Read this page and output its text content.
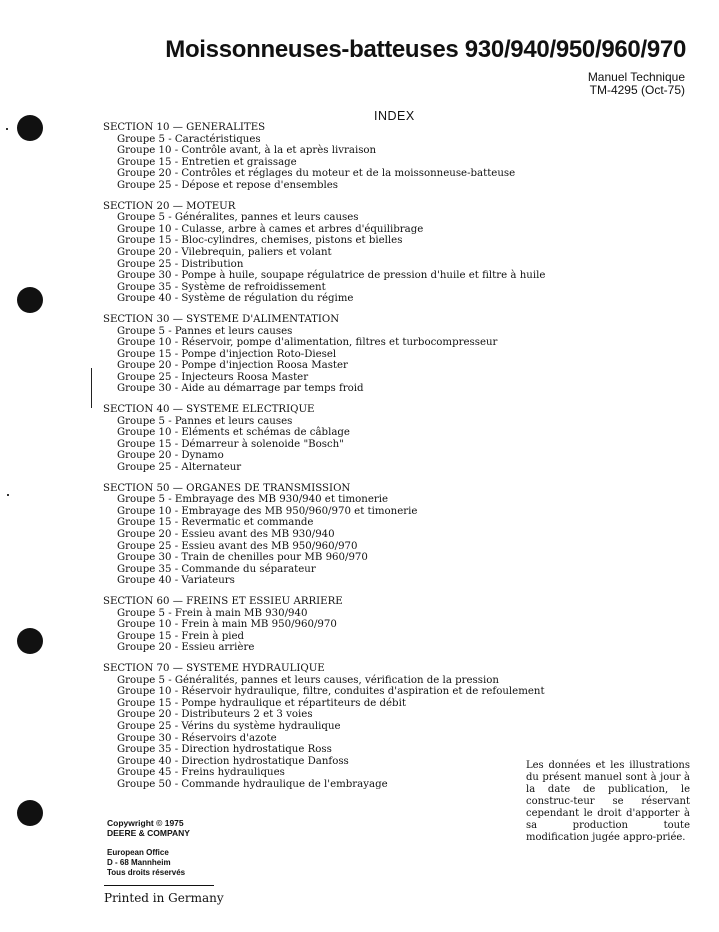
Moissonneuses-batteuses 930/940/950/960/970
Manuel Technique
TM-4295 (Oct-75)
INDEX
SECTION 10 — GENERALITES
Groupe 5 - Caractéristiques
Groupe 10 - Contrôle avant, à la et après livraison
Groupe 15 - Entretien et graissage
Groupe 20 - Contrôles et réglages du moteur et de la moissonneuse-batteuse
Groupe 25 - Dépose et repose d'ensembles
SECTION 20 — MOTEUR
Groupe 5 - Généralites, pannes et leurs causes
Groupe 10 - Culasse, arbre à cames et arbres d'équilibrage
Groupe 15 - Bloc-cylindres, chemises, pistons et bielles
Groupe 20 - Vilebrequin, paliers et volant
Groupe 25 - Distribution
Groupe 30 - Pompe à huile, soupape régulatrice de pression d'huile et filtre à huile
Groupe 35 - Système de refroidissement
Groupe 40 - Système de régulation du régime
SECTION 30 — SYSTEME D'ALIMENTATION
Groupe 5 - Pannes et leurs causes
Groupe 10 - Réservoir, pompe d'alimentation, filtres et turbocompresseur
Groupe 15 - Pompe d'injection Roto-Diesel
Groupe 20 - Pompe d'injection Roosa Master
Groupe 25 - Injecteurs Roosa Master
Groupe 30 - Aide au démarrage par temps froid
SECTION 40 — SYSTEME ELECTRIQUE
Groupe 5 - Pannes et leurs causes
Groupe 10 - Eléments et schémas de câblage
Groupe 15 - Démarreur à solenoide "Bosch"
Groupe 20 - Dynamo
Groupe 25 - Alternateur
SECTION 50 — ORGANES DE TRANSMISSION
Groupe 5 - Embrayage des MB 930/940 et timonerie
Groupe 10 - Embrayage des MB 950/960/970 et timonerie
Groupe 15 - Revermatic et commande
Groupe 20 - Essieu avant des MB 930/940
Groupe 25 - Essieu avant des MB 950/960/970
Groupe 30 - Train de chenilles pour MB 960/970
Groupe 35 - Commande du séparateur
Groupe 40 - Variateurs
SECTION 60 — FREINS ET ESSIEU ARRIERE
Groupe 5 - Frein à main MB 930/940
Groupe 10 - Frein à main MB 950/960/970
Groupe 15 - Frein à pied
Groupe 20 - Essieu arrière
SECTION 70 — SYSTEME HYDRAULIQUE
Groupe 5 - Généralités, pannes et leurs causes, vérification de la pression
Groupe 10 - Réservoir hydraulique, filtre, conduites d'aspiration et de refoulement
Groupe 15 - Pompe hydraulique et répartiteurs de débit
Groupe 20 - Distributeurs 2 et 3 voies
Groupe 25 - Vérins du système hydraulique
Groupe 30 - Réservoirs d'azote
Groupe 35 - Direction hydrostatique Ross
Groupe 40 - Direction hydrostatique Danfoss
Groupe 45 - Freins hydrauliques
Groupe 50 - Commande hydraulique de l'embrayage
Les données et les illustrations du présent manuel sont à jour à la date de publication, le construc-teur se réservant cependant le droit d'apporter à sa production toute modification jugée appro-priée.
Copywright © 1975
DEERE & COMPANY
European Office
D - 68 Mannheim
Tous droits réservés
Printed in Germany
